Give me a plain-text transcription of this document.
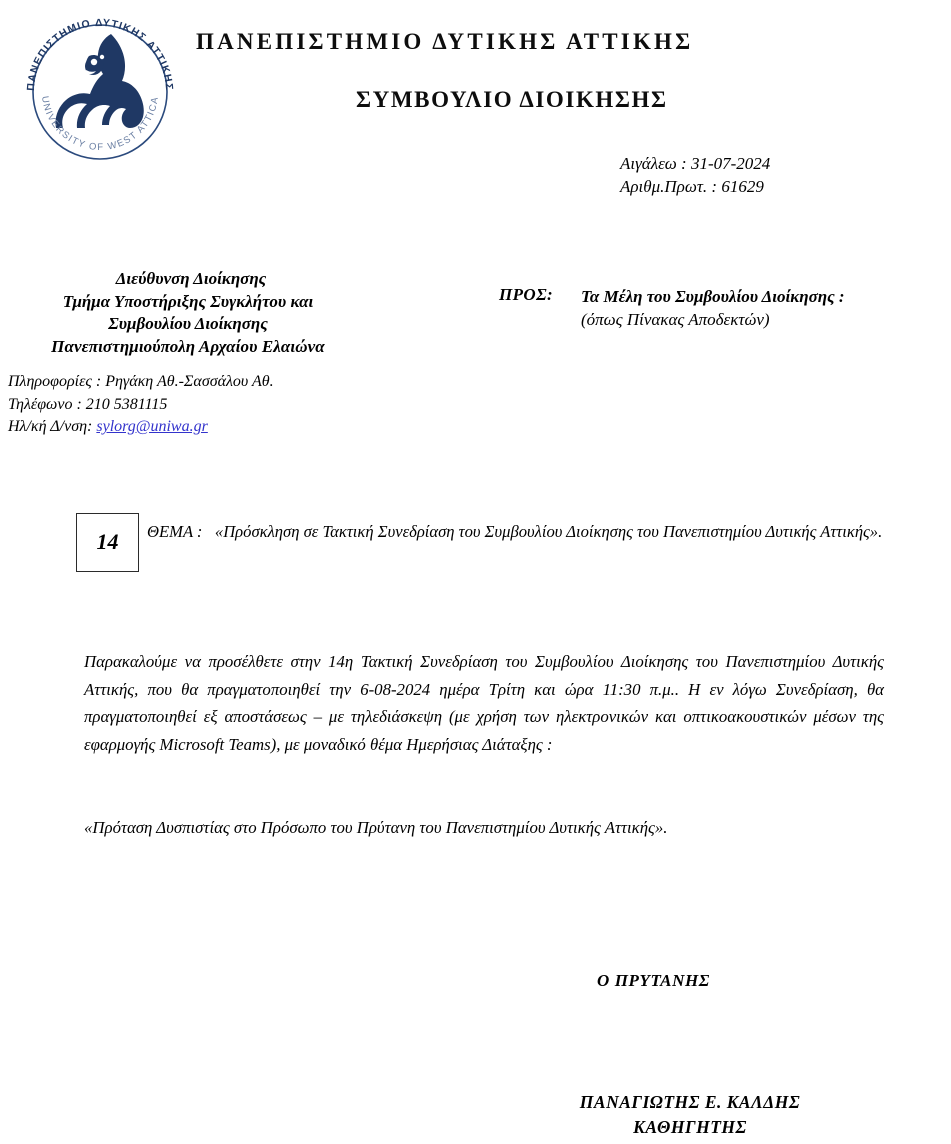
ΠΑΝΕΠΙΣΤΗΜΙΟ ΔΥΤΙΚΗΣ ΑΤΤΙΚΗΣ
UNIVERSITY OF WEST ATTICA
ΠΑΝΕΠΙΣΤΗΜΙΟ ΔΥΤΙΚΗΣ ΑΤΤΙΚΗΣ
ΣΥΜΒΟΥΛΙΟ ΔΙΟΙΚΗΣΗΣ
Αιγάλεω : 31-07-2024
Αριθμ.Πρωτ. : 61629
Διεύθυνση Διοίκησης
Τμήμα Υποστήριξης Συγκλήτου και
Συμβουλίου Διοίκησης
Πανεπιστημιούπολη Αρχαίου Ελαιώνα
Πληροφορίες : Ρηγάκη Αθ.-Σασσάλου Αθ.
Τηλέφωνο : 210 5381115
Ηλ/κή Δ/νση: sylorg@uniwa.gr
ΠΡΟΣ: Τα Μέλη του Συμβουλίου Διοίκησης :
(όπως Πίνακας Αποδεκτών)
14	ΘΕΜΑ : «Πρόσκληση σε Τακτική Συνεδρίαση του Συμβουλίου Διοίκησης του Πανεπιστημίου Δυτικής Αττικής».
Παρακαλούμε να προσέλθετε στην 14η Τακτική Συνεδρίαση του Συμβουλίου Διοίκησης του Πανεπιστημίου Δυτικής Αττικής, που θα πραγματοποιηθεί την 6-08-2024 ημέρα Τρίτη και ώρα 11:30 π.μ.. Η εν λόγω Συνεδρίαση, θα πραγματοποιηθεί εξ αποστάσεως – με τηλεδιάσκεψη (με χρήση των ηλεκτρονικών και οπτικοακουστικών μέσων της εφαρμογής Microsoft Teams), με μοναδικό θέμα Ημερήσιας Διάταξης :
«Πρόταση Δυσπιστίας στο Πρόσωπο του Πρύτανη του Πανεπιστημίου Δυτικής Αττικής».
Ο ΠΡΥΤΑΝΗΣ
ΠΑΝΑΓΙΩΤΗΣ Ε. ΚΑΛΔΗΣ
ΚΑΘΗΓΗΤΗΣ
